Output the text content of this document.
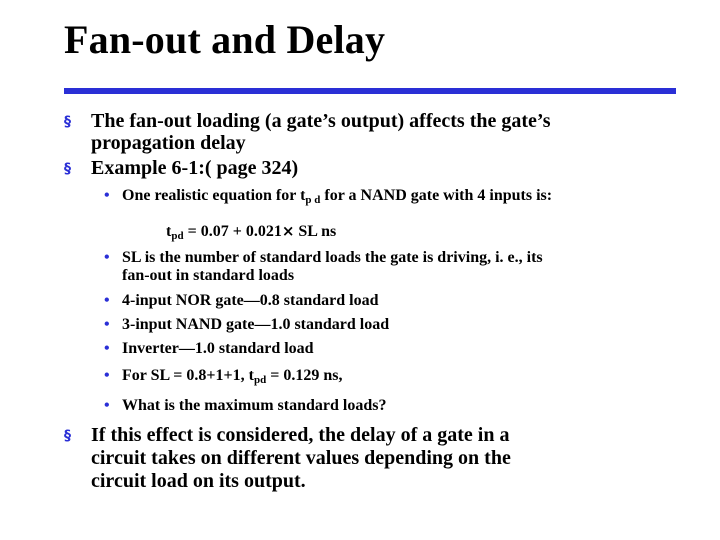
Fan-out and Delay
§ The fan-out loading (a gate’s output) affects the gate’s
propagation delay
§ Example 6-1:( page 324)
• One realistic equation for $t_{p d}$ for a NAND gate with 4 inputs is:
$t_{pd} = 0.07 + 0.021\times$ SL ns
• SL is the number of standard loads the gate is driving, i. e., its
fan-out in standard loads
• 4-input NOR gate—0.8 standard load
• 3-input NAND gate—1.0 standard load
• Inverter—1.0 standard load
• For SL = 0.8+1+1, $t_{pd} = 0.129$ ns,
• What is the maximum standard loads?
§ If this effect is considered, the delay of a gate in a
circuit takes on different values depending on the
circuit load on its output.
